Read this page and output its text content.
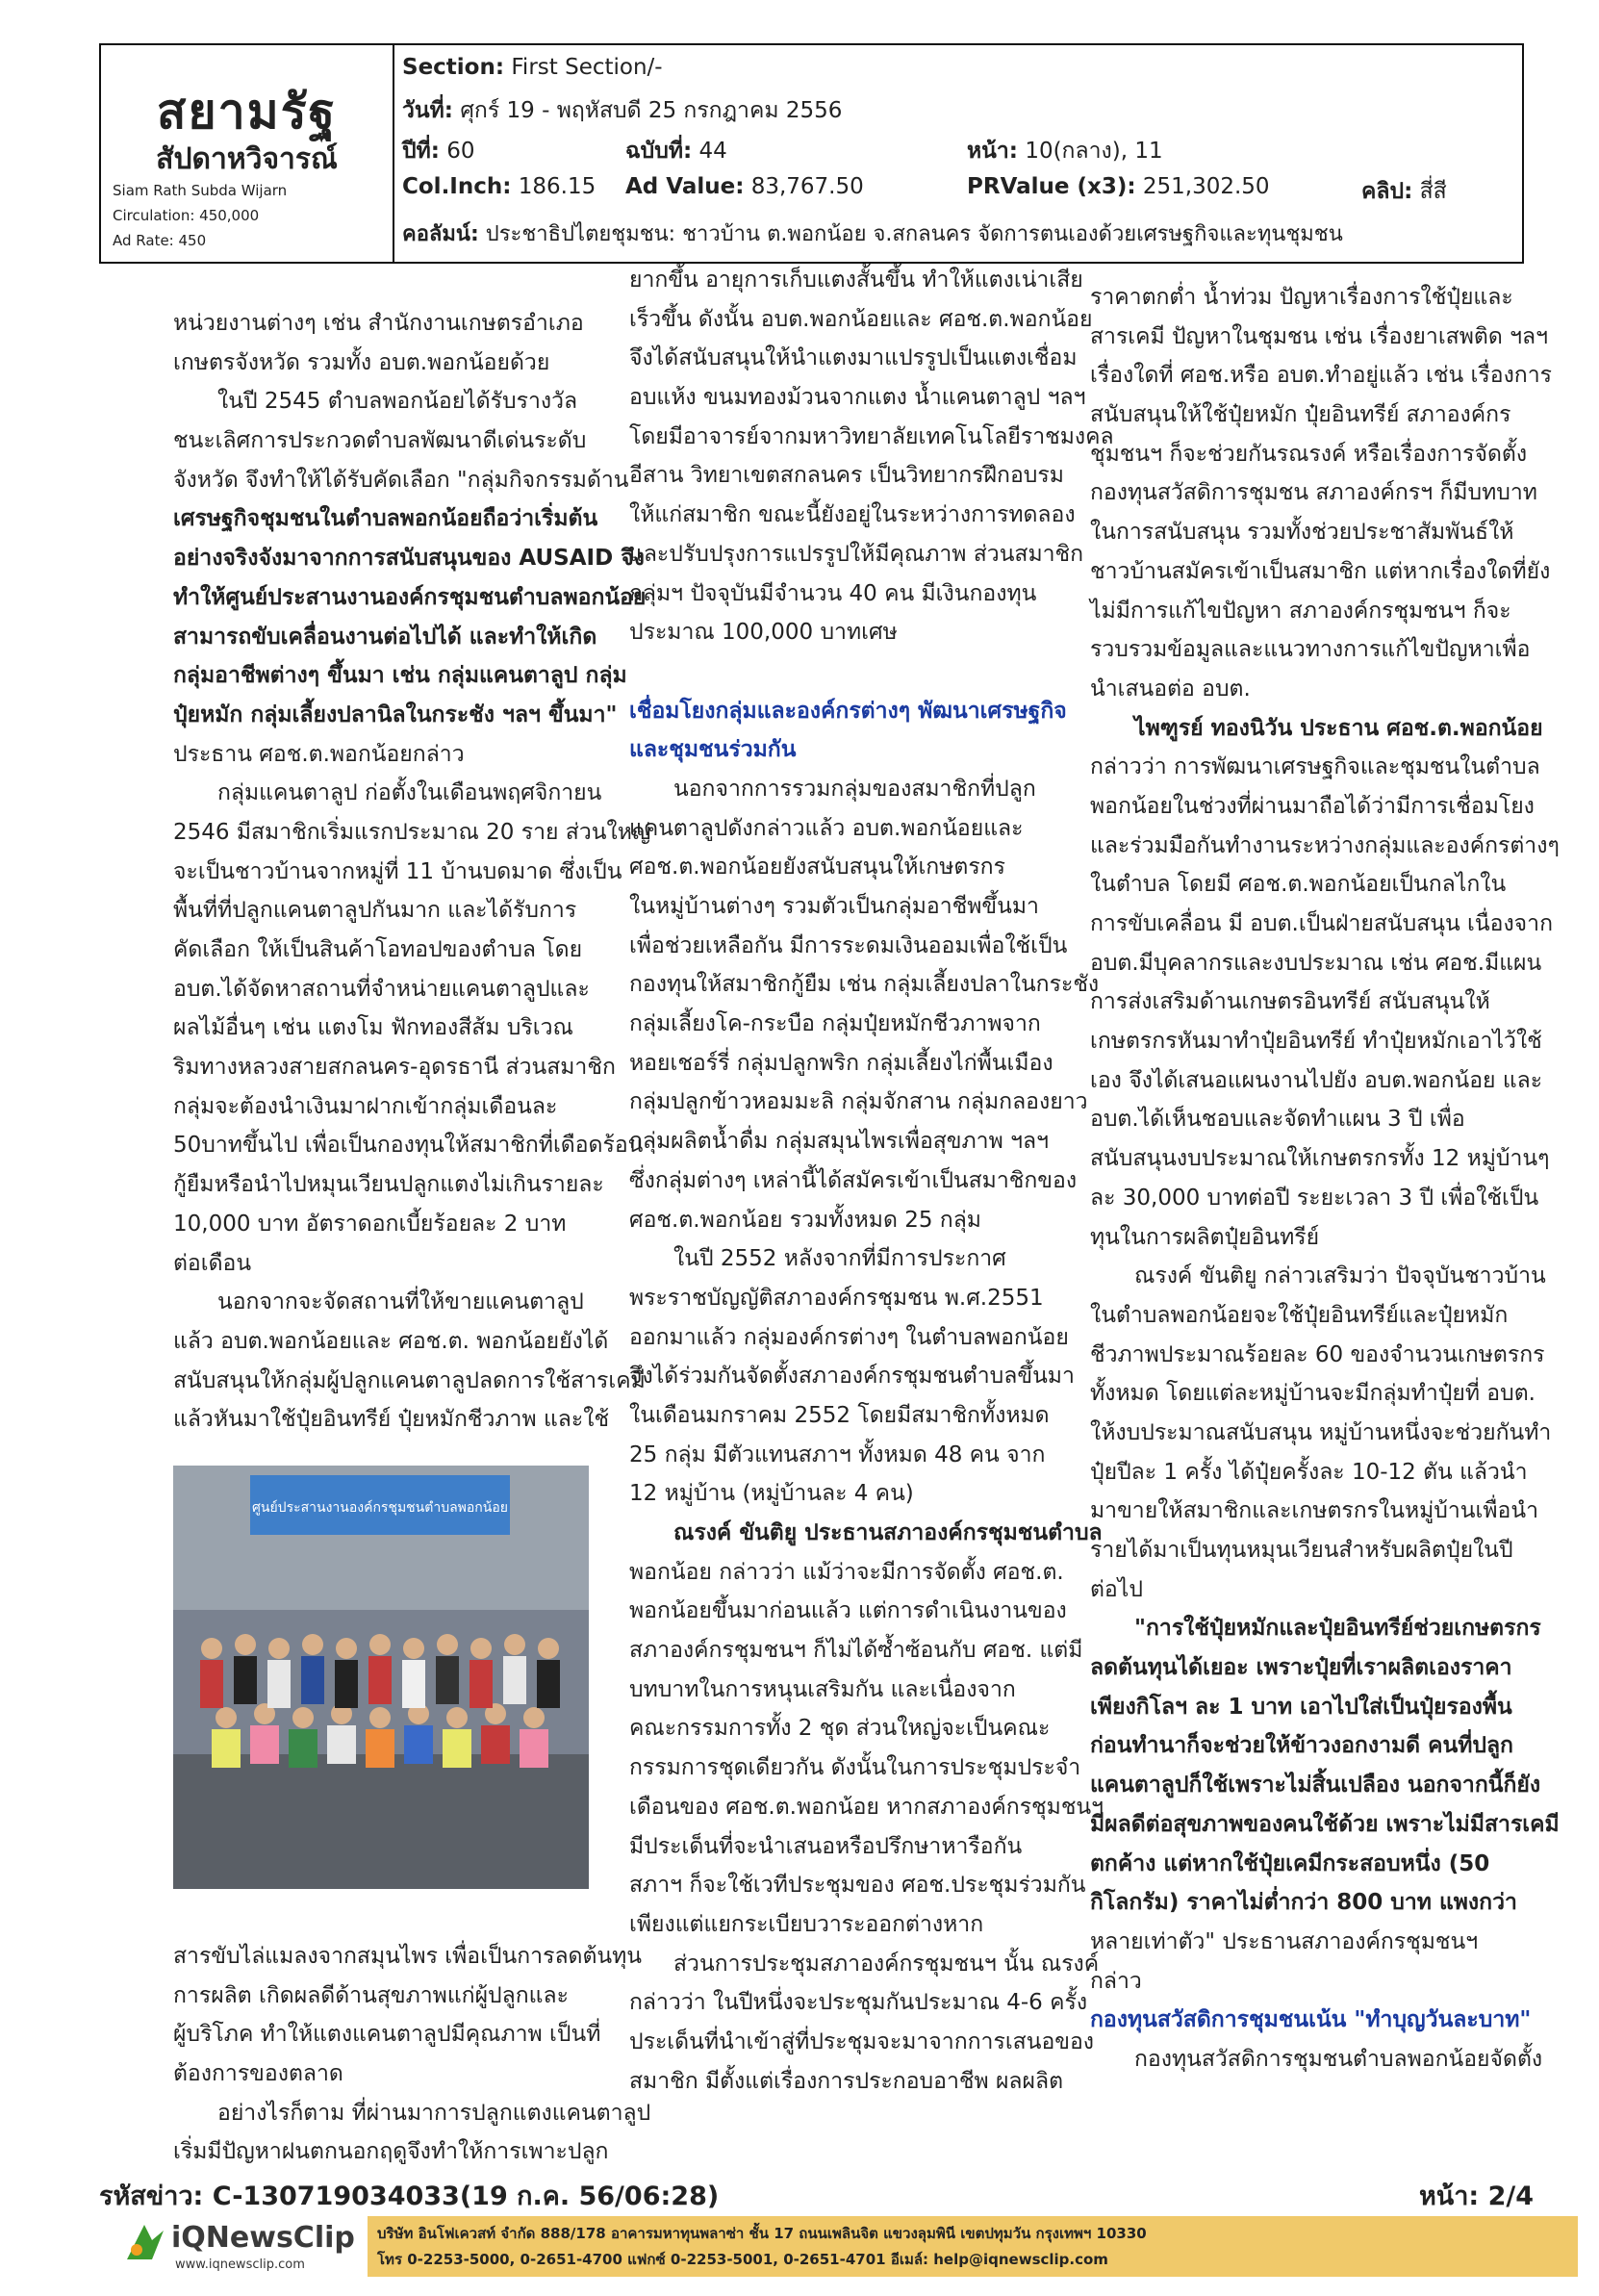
สยามรัฐ
สัปดาหวิจารณ์
Siam Rath Subda Wijarn
Circulation: 450,000
Ad Rate: 450
Section: First Section/-
วันที่: ศุกร์ 19 - พฤหัสบดี 25 กรกฎาคม 2556
ปีที่: 60	ฉบับที่: 44	หน้า: 10(กลาง), 11
Col.Inch: 186.15 Ad Value: 83,767.50	PRValue (x3): 251,302.50	คลิป: สี่สี
คอลัมน์: ประชาธิปไตยชุมชน: ชาวบ้าน ต.พอกน้อย จ.สกลนคร จัดการตนเองด้วยเศรษฐกิจและทุนชุมชน
หน่วยงานต่างๆ เช่น สำนักงานเกษตรอำเภอ
เกษตรจังหวัด รวมทั้ง อบต.พอกน้อยด้วย
ในปี 2545 ตำบลพอกน้อยได้รับรางวัล
ชนะเลิศการประกวดตำบลพัฒนาดีเด่นระดับ
จังหวัด จึงทำให้ได้รับคัดเลือก "กลุ่มกิจกรรมด้าน
เศรษฐกิจชุมชนในตำบลพอกน้อยถือว่าเริ่มต้น
อย่างจริงจังมาจากการสนับสนุนของ AUSAID จึง
ทำให้ศูนย์ประสานงานองค์กรชุมชนตำบลพอกน้อย
สามารถขับเคลื่อนงานต่อไปได้ และทำให้เกิด
กลุ่มอาชีพต่างๆ ขึ้นมา เช่น กลุ่มแคนตาลูป กลุ่ม
ปุ๋ยหมัก กลุ่มเลี้ยงปลานิลในกระชัง ฯลฯ ขึ้นมา"
ประธาน ศอช.ต.พอกน้อยกล่าว
กลุ่มแคนตาลูป ก่อตั้งในเดือนพฤศจิกายน
2546 มีสมาชิกเริ่มแรกประมาณ 20 ราย ส่วนใหญ่
จะเป็นชาวบ้านจากหมู่ที่ 11 บ้านบดมาด ซึ่งเป็น
พื้นที่ที่ปลูกแคนตาลูปกันมาก และได้รับการ
คัดเลือก ให้เป็นสินค้าโอทอปของตำบล โดย
อบต.ได้จัดหาสถานที่จำหน่ายแคนตาลูปและ
ผลไม้อื่นๆ เช่น แตงโม ฟักทองสีส้ม บริเวณ
ริมทางหลวงสายสกลนคร-อุดรธานี ส่วนสมาชิก
กลุ่มจะต้องนำเงินมาฝากเข้ากลุ่มเดือนละ
50บาทขึ้นไป เพื่อเป็นกองทุนให้สมาชิกที่เดือดร้อน
กู้ยืมหรือนำไปหมุนเวียนปลูกแตงไม่เกินรายละ
10,000 บาท อัตราดอกเบี้ยร้อยละ 2 บาท
ต่อเดือน
นอกจากจะจัดสถานที่ให้ขายแคนตาลูป
แล้ว อบต.พอกน้อยและ ศอช.ต. พอกน้อยยังได้
สนับสนุนให้กลุ่มผู้ปลูกแคนตาลูปลดการใช้สารเคมี
แล้วหันมาใช้ปุ๋ยอินทรีย์ ปุ๋ยหมักชีวภาพ และใช้
ศูนย์ประสานงานองค์กรชุมชนตำบลพอกน้อย
สารขับไล่แมลงจากสมุนไพร เพื่อเป็นการลดต้นทุน
การผลิต เกิดผลดีด้านสุขภาพแก่ผู้ปลูกและ
ผู้บริโภค ทำให้แตงแคนตาลูปมีคุณภาพ เป็นที่
ต้องการของตลาด
อย่างไรก็ตาม ที่ผ่านมาการปลูกแตงแคนตาลูป
เริ่มมีปัญหาฝนตกนอกฤดูจึงทำให้การเพาะปลูก
ยากขึ้น อายุการเก็บแตงสั้นขึ้น ทำให้แตงเน่าเสีย
เร็วขึ้น ดังนั้น อบต.พอกน้อยและ ศอช.ต.พอกน้อย
จึงได้สนับสนุนให้นำแตงมาแปรรูปเป็นแตงเชื่อม
อบแห้ง ขนมทองม้วนจากแตง น้ำแคนตาลูป ฯลฯ
โดยมีอาจารย์จากมหาวิทยาลัยเทคโนโลยีราชมงคล
อีสาน วิทยาเขตสกลนคร เป็นวิทยากรฝึกอบรม
ให้แก่สมาชิก ขณะนี้ยังอยู่ในระหว่างการทดลอง
และปรับปรุงการแปรรูปให้มีคุณภาพ ส่วนสมาชิก
กลุ่มฯ ปัจจุบันมีจำนวน 40 คน มีเงินกองทุน
ประมาณ 100,000 บาทเศษ
เชื่อมโยงกลุ่มและองค์กรต่างๆ พัฒนาเศรษฐกิจ
และชุมชนร่วมกัน
นอกจากการรวมกลุ่มของสมาชิกที่ปลูก
แคนตาลูปดังกล่าวแล้ว อบต.พอกน้อยและ
ศอช.ต.พอกน้อยยังสนับสนุนให้เกษตรกร
ในหมู่บ้านต่างๆ รวมตัวเป็นกลุ่มอาชีพขึ้นมา
เพื่อช่วยเหลือกัน มีการระดมเงินออมเพื่อใช้เป็น
กองทุนให้สมาชิกกู้ยืม เช่น กลุ่มเลี้ยงปลาในกระชัง
กลุ่มเลี้ยงโค-กระบือ กลุ่มปุ๋ยหมักชีวภาพจาก
หอยเชอร์รี่ กลุ่มปลูกพริก กลุ่มเลี้ยงไก่พื้นเมือง
กลุ่มปลูกข้าวหอมมะลิ กลุ่มจักสาน กลุ่มกลองยาว
กลุ่มผลิตน้ำดื่ม กลุ่มสมุนไพรเพื่อสุขภาพ ฯลฯ
ซึ่งกลุ่มต่างๆ เหล่านี้ได้สมัครเข้าเป็นสมาชิกของ
ศอช.ต.พอกน้อย รวมทั้งหมด 25 กลุ่ม
ในปี 2552 หลังจากที่มีการประกาศ
พระราชบัญญัติสภาองค์กรชุมชน พ.ศ.2551
ออกมาแล้ว กลุ่มองค์กรต่างๆ ในตำบลพอกน้อย
จึงได้ร่วมกันจัดตั้งสภาองค์กรชุมชนตำบลขึ้นมา
ในเดือนมกราคม 2552 โดยมีสมาชิกทั้งหมด
25 กลุ่ม มีตัวแทนสภาฯ ทั้งหมด 48 คน จาก
12 หมู่บ้าน (หมู่บ้านละ 4 คน)
ณรงค์ ขันติยู ประธานสภาองค์กรชุมชนตำบล
พอกน้อย กล่าวว่า แม้ว่าจะมีการจัดตั้ง ศอช.ต.
พอกน้อยขึ้นมาก่อนแล้ว แต่การดำเนินงานของ
สภาองค์กรชุมชนฯ ก็ไม่ได้ซ้ำซ้อนกับ ศอช. แต่มี
บทบาทในการหนุนเสริมกัน และเนื่องจาก
คณะกรรมการทั้ง 2 ชุด ส่วนใหญ่จะเป็นคณะ
กรรมการชุดเดียวกัน ดังนั้นในการประชุมประจำ
เดือนของ ศอช.ต.พอกน้อย หากสภาองค์กรชุมชนฯ
มีประเด็นที่จะนำเสนอหรือปรึกษาหารือกัน
สภาฯ ก็จะใช้เวทีประชุมของ ศอช.ประชุมร่วมกัน
เพียงแต่แยกระเบียบวาระออกต่างหาก
ส่วนการประชุมสภาองค์กรชุมชนฯ นั้น ณรงค์
กล่าวว่า ในปีหนึ่งจะประชุมกันประมาณ 4-6 ครั้ง
ประเด็นที่นำเข้าสู่ที่ประชุมจะมาจากการเสนอของ
สมาชิก มีตั้งแต่เรื่องการประกอบอาชีพ ผลผลิต
ราคาตกต่ำ น้ำท่วม ปัญหาเรื่องการใช้ปุ๋ยและ
สารเคมี ปัญหาในชุมชน เช่น เรื่องยาเสพติด ฯลฯ
เรื่องใดที่ ศอช.หรือ อบต.ทำอยู่แล้ว เช่น เรื่องการ
สนับสนุนให้ใช้ปุ๋ยหมัก ปุ๋ยอินทรีย์ สภาองค์กร
ชุมชนฯ ก็จะช่วยกันรณรงค์ หรือเรื่องการจัดตั้ง
กองทุนสวัสดิการชุมชน สภาองค์กรฯ ก็มีบทบาท
ในการสนับสนุน รวมทั้งช่วยประชาสัมพันธ์ให้
ชาวบ้านสมัครเข้าเป็นสมาชิก แต่หากเรื่องใดที่ยัง
ไม่มีการแก้ไขปัญหา สภาองค์กรชุมชนฯ ก็จะ
รวบรวมข้อมูลและแนวทางการแก้ไขปัญหาเพื่อ
นำเสนอต่อ อบต.
ไพฑูรย์ ทองนิวัน ประธาน ศอช.ต.พอกน้อย
กล่าวว่า การพัฒนาเศรษฐกิจและชุมชนในตำบล
พอกน้อยในช่วงที่ผ่านมาถือได้ว่ามีการเชื่อมโยง
และร่วมมือกันทำงานระหว่างกลุ่มและองค์กรต่างๆ
ในตำบล โดยมี ศอช.ต.พอกน้อยเป็นกลไกใน
การขับเคลื่อน มี อบต.เป็นฝ่ายสนับสนุน เนื่องจาก
อบต.มีบุคลากรและงบประมาณ เช่น ศอช.มีแผน
การส่งเสริมด้านเกษตรอินทรีย์ สนับสนุนให้
เกษตรกรหันมาทำปุ๋ยอินทรีย์ ทำปุ๋ยหมักเอาไว้ใช้
เอง จึงได้เสนอแผนงานไปยัง อบต.พอกน้อย และ
อบต.ได้เห็นชอบและจัดทำแผน 3 ปี เพื่อ
สนับสนุนงบประมาณให้เกษตรกรทั้ง 12 หมู่บ้านๆ
ละ 30,000 บาทต่อปี ระยะเวลา 3 ปี เพื่อใช้เป็น
ทุนในการผลิตปุ๋ยอินทรีย์
ณรงค์ ขันติยู กล่าวเสริมว่า ปัจจุบันชาวบ้าน
ในตำบลพอกน้อยจะใช้ปุ๋ยอินทรีย์และปุ๋ยหมัก
ชีวภาพประมาณร้อยละ 60 ของจำนวนเกษตรกร
ทั้งหมด โดยแต่ละหมู่บ้านจะมีกลุ่มทำปุ๋ยที่ อบต.
ให้งบประมาณสนับสนุน หมู่บ้านหนึ่งจะช่วยกันทำ
ปุ๋ยปีละ 1 ครั้ง ได้ปุ๋ยครั้งละ 10-12 ตัน แล้วนำ
มาขายให้สมาชิกและเกษตรกรในหมู่บ้านเพื่อนำ
รายได้มาเป็นทุนหมุนเวียนสำหรับผลิตปุ๋ยในปี
ต่อไป
"การใช้ปุ๋ยหมักและปุ๋ยอินทรีย์ช่วยเกษตรกร
ลดต้นทุนได้เยอะ เพราะปุ๋ยที่เราผลิตเองราคา
เพียงกิโลฯ ละ 1 บาท เอาไปใส่เป็นปุ๋ยรองพื้น
ก่อนทำนาก็จะช่วยให้ข้าวงอกงามดี คนที่ปลูก
แคนตาลูปก็ใช้เพราะไม่สิ้นเปลือง นอกจากนี้ก็ยัง
มีผลดีต่อสุขภาพของคนใช้ด้วย เพราะไม่มีสารเคมี
ตกค้าง แต่หากใช้ปุ๋ยเคมีกระสอบหนึ่ง (50
กิโลกรัม) ราคาไม่ต่ำกว่า 800 บาท แพงกว่า
หลายเท่าตัว" ประธานสภาองค์กรชุมชนฯ
กล่าว
กองทุนสวัสดิการชุมชนเน้น "ทำบุญวันละบาท"
กองทุนสวัสดิการชุมชนตำบลพอกน้อยจัดตั้ง
รหัสข่าว: C-130719034033(19 ก.ค. 56/06:28)	หน้า: 2/4
iQNewsClip
www.iqnewsclip.com
บริษัท อินโฟเควสท์ จำกัด 888/178 อาคารมหาทุนพลาซ่า ชั้น 17 ถนนเพลินจิต แขวงลุมพินี เขตปทุมวัน กรุงเทพฯ 10330
โทร 0-2253-5000, 0-2651-4700 แฟกซ์ 0-2253-5001, 0-2651-4701 อีเมล์: help@iqnewsclip.com
